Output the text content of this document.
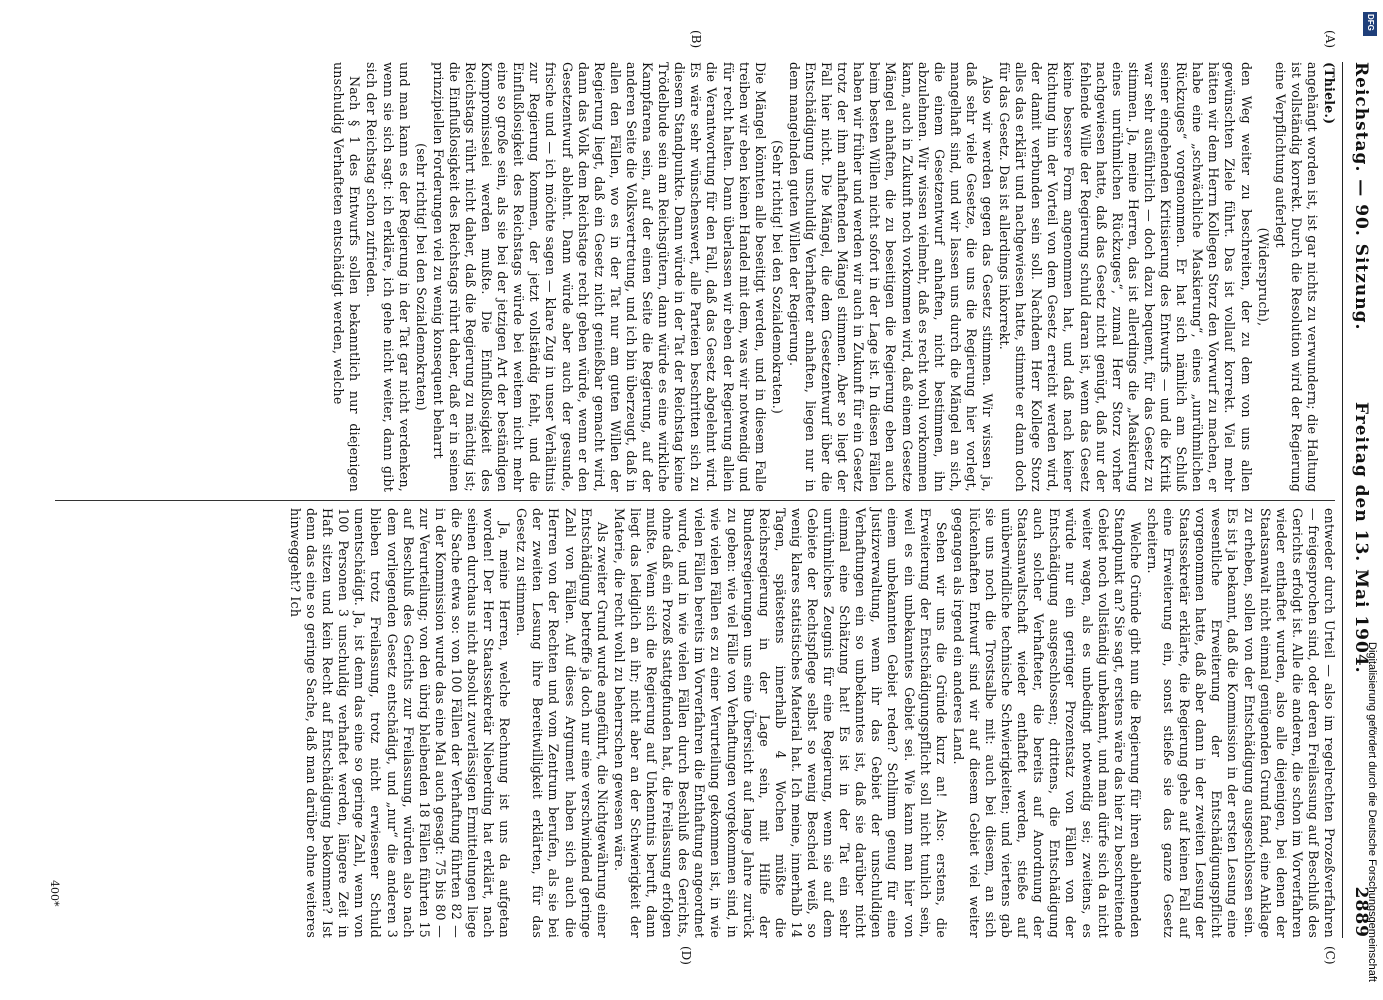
Reichstag. — 90. Sitzung.
Freitag den 13. Mai 1904.
2889
(A)
(B)
(C)
(D)

(Thiele.)

angehängt worden ist, ist gar nichts zu verwundern; die Haltung ist vollständig korrekt. Durch die Resolution wird der Regierung eine Verpflichtung auferlegt

(Widerspruch),

den Weg weiter zu beschreiten, der zu dem von uns allen gewünschten Ziele führt. Das ist vollauf korrekt. Viel mehr hätten wir dem Herrn Kollegen Storz den Vorwurf zu machen, er habe eine „schwächliche Maskierung“, eines „unrühmlichen Rückzuges“ vorgenommen. Er hat sich nämlich am Schluß seiner eingehenden Kritisierung des Entwurfs — und die Kritik war sehr ausführlich — doch dazu bequemt, für das Gesetz zu stimmen. Ja, meine Herren, das ist allerdings die „Maskierung eines unrühmlichen Rückzuges“, zumal Herr Storz vorher nachgewiesen hatte, daß das Gesetz nicht genügt, daß nur der fehlende Wille der Regierung schuld daran ist, wenn das Gesetz keine bessere Form angenommen hat, und daß nach keiner Richtung hin der Vorteil von dem Gesetz erreicht werden wird, der damit verbunden sein soll. Nachdem Herr Kollege Storz alles das erklärt und nachgewiesen hatte, stimmte er dann doch für das Gesetz. Das ist allerdings inkorrekt.

Also wir werden gegen das Gesetz stimmen. Wir wissen ja, daß sehr viele Gesetze, die uns die Regierung hier vorlegt, mangelhaft sind, und wir lassen uns durch die Mängel an sich, die einem Gesetzentwurf anhaften, nicht bestimmen, ihn abzulehnen. Wir wissen vielmehr, daß es recht wohl vorkommen kann, auch in Zukunft noch vorkommen wird, daß einem Gesetze Mängel anhaften, die zu beseitigen die Regierung eben auch beim besten Willen nicht sofort in der Lage ist. In diesen Fällen haben wir früher und werden wir auch in Zukunft für ein Gesetz trotz der ihm anhaftenden Mängel stimmen. Aber so liegt der Fall hier nicht. Die Mängel, die dem Gesetzentwurf über die Entschädigung unschuldig Verhafteter anhaften, liegen nur in dem mangelnden guten Willen der Regierung.

(Sehr richtig! bei den Sozialdemokraten.)

Die Mängel könnten alle beseitigt werden, und in diesem Falle treiben wir eben keinen Handel mit dem, was wir notwendig und für recht halten. Dann überlassen wir eben der Regierung allein die Verantwortung für den Fall, daß das Gesetz abgelehnt wird. Es wäre sehr wünschenswert, alle Parteien beschritten sich zu diesem Standpunkte. Dann würde in der Tat der Reichstag keine Trödelbude sein am Reichsgütern, dann würde es eine wirkliche Kampfarena sein, auf der einen Seite die Regierung, auf der anderen Seite die Volksvertretung, und ich bin überzeugt, daß in allen den Fällen, wo es in der Tat nur am guten Willen der Regierung liegt, daß ein Gesetz nicht genießbar gemacht wird, dann das Volk dem Reichstage recht geben würde, wenn er den Gesetzentwurf ablehnt. Dann würde aber auch der gesunde, frische und — ich möchte sagen — klare Zug in unser Verhältnis zur Regierung kommen, der jetzt vollständig fehlt, und die Einflußlosigkeit des Reichstags würde bei weitem nicht mehr eine so große sein, als sie bei der jetzigen Art der beständigen Kompromisselei werden mußte. Die Einflußlosigkeit des Reichstags rührt nicht daher, daß die Regierung zu mächtig ist; die Einflußlosigkeit des Reichstags rührt daher, daß er in seinen prinzipiellen Forderungen viel zu wenig konsequent beharrt

(sehr richtig! bei den Sozialdemokraten)

und man kann es der Regierung in der Tat gar nicht verdenken, wenn sie sich sagt: ich erkläre, ich gehe nicht weiter, dann gibt sich der Reichstag schon zufrieden.

Nach § 1 des Entwurfs sollen bekanntlich nur diejenigen unschuldig Verhafteten entschädigt werden, welche

entweder durch Urteil — also im regelrechten Prozeßverfahren — freigesprochen sind, oder deren Freilassung auf Beschluß des Gerichts erfolgt ist. Alle die anderen, die schon im Vorverfahren wieder enthaftet wurden, also alle diejenigen, bei denen der Staatsanwalt nicht einmal genügenden Grund fand, eine Anklage zu erheben, sollen von der Entschädigung ausgeschlossen sein. Es ist ja bekannt, daß die Kommission in der ersten Lesung eine wesentliche Erweiterung der Entschädigungspflicht vorgenommen hatte, daß aber dann in der zweiten Lesung der Staatssekretär erklärte, die Regierung gehe auf keinen Fall auf eine Erweiterung ein, sonst stieße sie das ganze Gesetz scheitern.

Welche Gründe gibt nun die Regierung für ihren ablehnenden Standpunkt an? Sie sagt, erstens wäre das hier zu beschreitende Gebiet noch vollständig unbekannt, und man dürfe sich da nicht weiter wagen, als es unbedingt notwendig sei; zweitens, es würde nur ein geringer Prozentsatz von Fällen von der Entschädigung ausgeschlossen; drittens, die Entschädigung auch solcher Verhafteter, die bereits auf Anordnung der Staatsanwaltschaft wieder enthaftet werden, stieße auf unüberwindliche technische Schwierigkeiten; und viertens gab sie uns noch die Trostsalbe mit: auch bei diesem, an sich lückenhaften Entwurf sind wir auf diesem Gebiet viel weiter gegangen als irgend ein anderes Land.

Sehen wir uns die Gründe kurz an! Also: erstens, die Erweiterung der Entschädigungspflicht soll nicht tunlich sein, weil es ein unbekanntes Gebiet sei. Wie kann man hier von einem unbekannten Gebiet reden? Schlimm genug für eine Justizverwaltung, wenn ihr das Gebiet der unschuldigen Verhaftungen ein so unbekanntes ist, daß sie darüber nicht einmal eine Schätzung hat! Es ist in der Tat ein sehr unrühmliches Zeugnis für eine Regierung, wenn sie auf dem Gebiete der Rechtspflege selbst so wenig Bescheid weiß, so wenig klares statistisches Material hat. Ich meine, innerhalb 14 Tagen, spätestens innerhalb 4 Wochen müßte die Reichsregierung in der Lage sein, mit Hilfe der Bundesregierungen uns eine Übersicht auf lange Jahre zurück zu geben: wie viel Fälle von Verhaftungen vorgekommen sind, in wie vielen Fällen es zu einer Verurteilung gekommen ist, in wie vielen Fällen bereits im Vorverfahren die Enthaftung angeordnet wurde, und in wie vielen Fällen durch Beschluß des Gerichts, ohne daß ein Prozeß stattgefunden hat, die Freilassung erfolgen mußte. Wenn sich die Regierung auf Unkenntnis beruft, dann liegt das lediglich an ihr; nicht aber an der Schwierigkeit der Materie, die recht wohl zu beherrschen gewesen wäre.

Als zweiter Grund wurde angeführt, die Nichtgewährung einer Entschädigung betreffe ja doch nur eine verschwindend geringe Zahl von Fällen. Auf dieses Argument haben sich auch die Herren von der Rechten und vom Zentrum berufen, als sie bei der zweiten Lesung ihre Bereitwilligkeit erklärten, für das Gesetz zu stimmen.

Ja, meine Herren, welche Rechnung ist uns da aufgetan worden! Der Herr Staatssekretär Nieberding hat erklärt, nach seinen durchaus nicht absolut zuverlässigen Ermittelungen liege die Sache etwa so: von 100 Fällen der Verhaftung führten 82 — in der Kommission wurde das eine Mal auch gesagt: 75 bis 80 — zur Verurteilung; von den übrig bleibenden 18 Fällen führten 15 auf Beschluß des Gerichts zur Freilassung, würden also nach dem vorliegenden Gesetz entschädigt, und „nur“ die anderen 3 blieben trotz Freilassung, trotz nicht erwiesener Schuld unentschädigt. Ja, ist denn das eine so geringe Zahl, wenn von 100 Personen 3 unschuldig verhaftet werden, längere Zeit in Haft sitzen und kein Recht auf Entschädigung bekommen? Ist denn das eine so geringe Sache, daß man darüber ohne weiteres hinweggeht? Ich

400*	Digitalisierung gefördert durch die Deutsche Forschungsgemeinschaft
DFG
